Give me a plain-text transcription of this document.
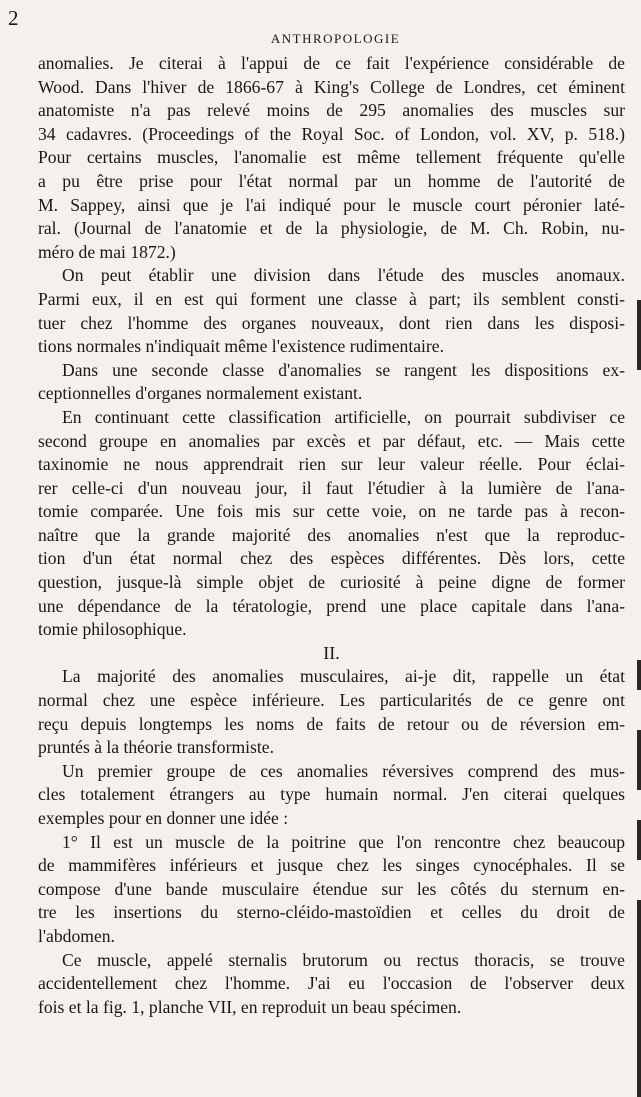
2
ANTHROPOLOGIE
anomalies. Je citerai à l'appui de ce fait l'expérience considérable de
Wood. Dans l'hiver de 1866-67 à King's College de Londres, cet éminent
anatomiste n'a pas relevé moins de 295 anomalies des muscles sur
34 cadavres. (Proceedings of the Royal Soc. of London, vol. XV, p. 518.)
Pour certains muscles, l'anomalie est même tellement fréquente qu'elle
a pu être prise pour l'état normal par un homme de l'autorité de
M. Sappey, ainsi que je l'ai indiqué pour le muscle court péronier laté-
ral. (Journal de l'anatomie et de la physiologie, de M. Ch. Robin, nu-
méro de mai 1872.)
On peut établir une division dans l'étude des muscles anomaux.
Parmi eux, il en est qui forment une classe à part; ils semblent consti-
tuer chez l'homme des organes nouveaux, dont rien dans les disposi-
tions normales n'indiquait même l'existence rudimentaire.
Dans une seconde classe d'anomalies se rangent les dispositions ex-
ceptionnelles d'organes normalement existant.
En continuant cette classification artificielle, on pourrait subdiviser ce
second groupe en anomalies par excès et par défaut, etc. — Mais cette
taxinomie ne nous apprendrait rien sur leur valeur réelle. Pour éclai-
rer celle-ci d'un nouveau jour, il faut l'étudier à la lumière de l'ana-
tomie comparée. Une fois mis sur cette voie, on ne tarde pas à recon-
naître que la grande majorité des anomalies n'est que la reproduc-
tion d'un état normal chez des espèces différentes. Dès lors, cette
question, jusque-là simple objet de curiosité à peine digne de former
une dépendance de la tératologie, prend une place capitale dans l'ana-
tomie philosophique.
II.
La majorité des anomalies musculaires, ai-je dit, rappelle un état
normal chez une espèce inférieure. Les particularités de ce genre ont
reçu depuis longtemps les noms de faits de retour ou de réversion em-
pruntés à la théorie transformiste.
Un premier groupe de ces anomalies réversives comprend des mus-
cles totalement étrangers au type humain normal. J'en citerai quelques
exemples pour en donner une idée :
1° Il est un muscle de la poitrine que l'on rencontre chez beaucoup
de mammifères inférieurs et jusque chez les singes cynocéphales. Il se
compose d'une bande musculaire étendue sur les côtés du sternum en-
tre les insertions du sterno-cléido-mastoïdien et celles du droit de
l'abdomen.
Ce muscle, appelé sternalis brutorum ou rectus thoracis, se trouve
accidentellement chez l'homme. J'ai eu l'occasion de l'observer deux
fois et la fig. 1, planche VII, en reproduit un beau spécimen.
